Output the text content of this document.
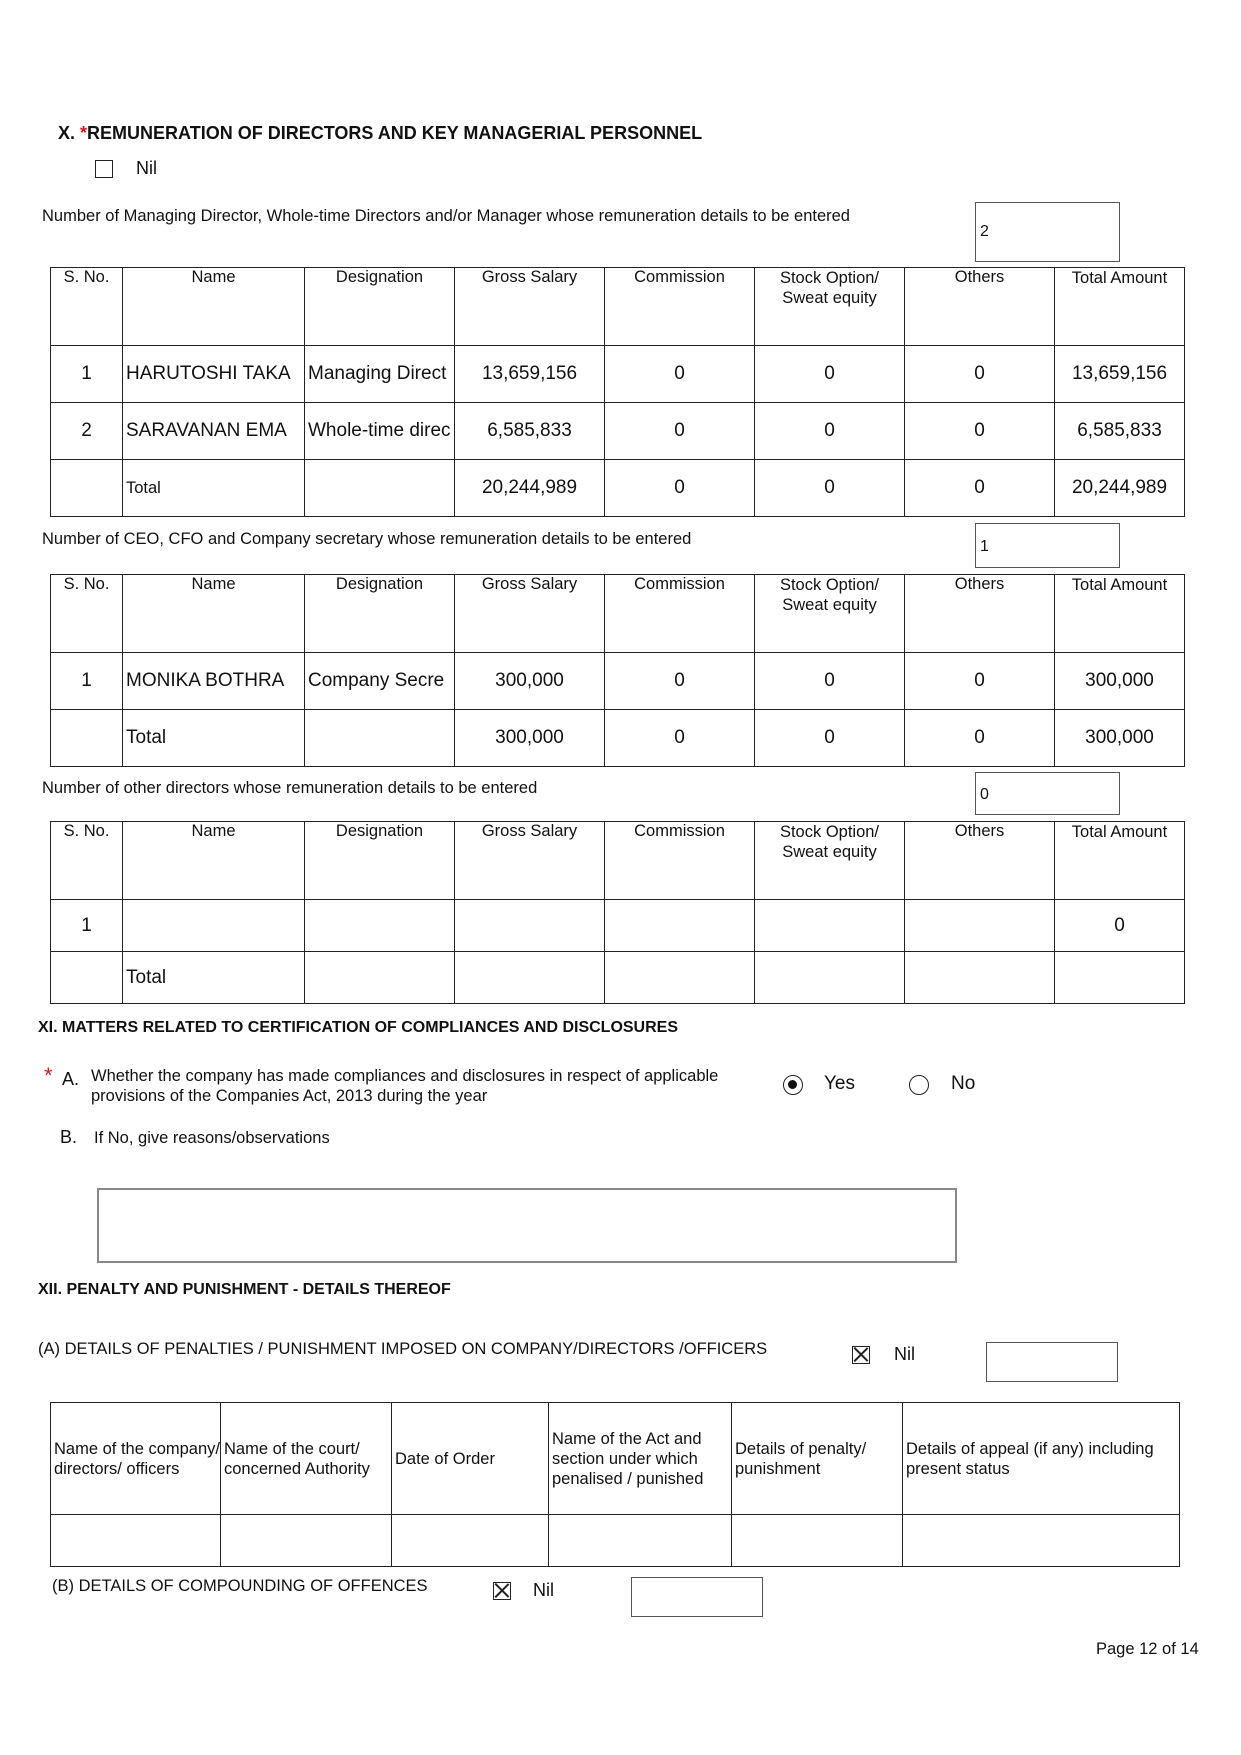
X. *REMUNERATION OF DIRECTORS AND KEY MANAGERIAL PERSONNEL
Nil
Number of Managing Director, Whole-time Directors and/or Manager whose remuneration details to be entered
2
S. No.	Name	Designation	Gross Salary	Commission	Stock Option/ Sweat equity	Others	Total Amount
1	HARUTOSHI TAKA	Managing Direct	13,659,156	0	0	0	13,659,156
2	SARAVANAN EMA	Whole-time direc	6,585,833	0	0	0	6,585,833
	Total		20,244,989	0	0	0	20,244,989
Number of CEO, CFO and Company secretary whose remuneration details to be entered	1
S. No.	Name	Designation	Gross Salary	Commission	Stock Option/ Sweat equity	Others	Total Amount
1	MONIKA BOTHRA	Company Secre	300,000	0	0	0	300,000
	Total		300,000	0	0	0	300,000
Number of other directors whose remuneration details to be entered	0
S. No.	Name	Designation	Gross Salary	Commission	Stock Option/ Sweat equity	Others	Total Amount
1							0
	Total						
XI. MATTERS RELATED TO CERTIFICATION OF COMPLIANCES AND DISCLOSURES
* A. Whether the company has made compliances and disclosures in respect of applicable
provisions of the Companies Act, 2013 during the year
Yes	No
B. If No, give reasons/observations
XII. PENALTY AND PUNISHMENT - DETAILS THEREOF
(A) DETAILS OF PENALTIES / PUNISHMENT IMPOSED ON COMPANY/DIRECTORS /OFFICERS	Nil
Name of the company/ directors/ officers	Name of the court/ concerned Authority	Date of Order	Name of the Act and section under which penalised / punished	Details of penalty/ punishment	Details of appeal (if any) including present status

(B) DETAILS OF COMPOUNDING OF OFFENCES	Nil
Page 12 of 14
